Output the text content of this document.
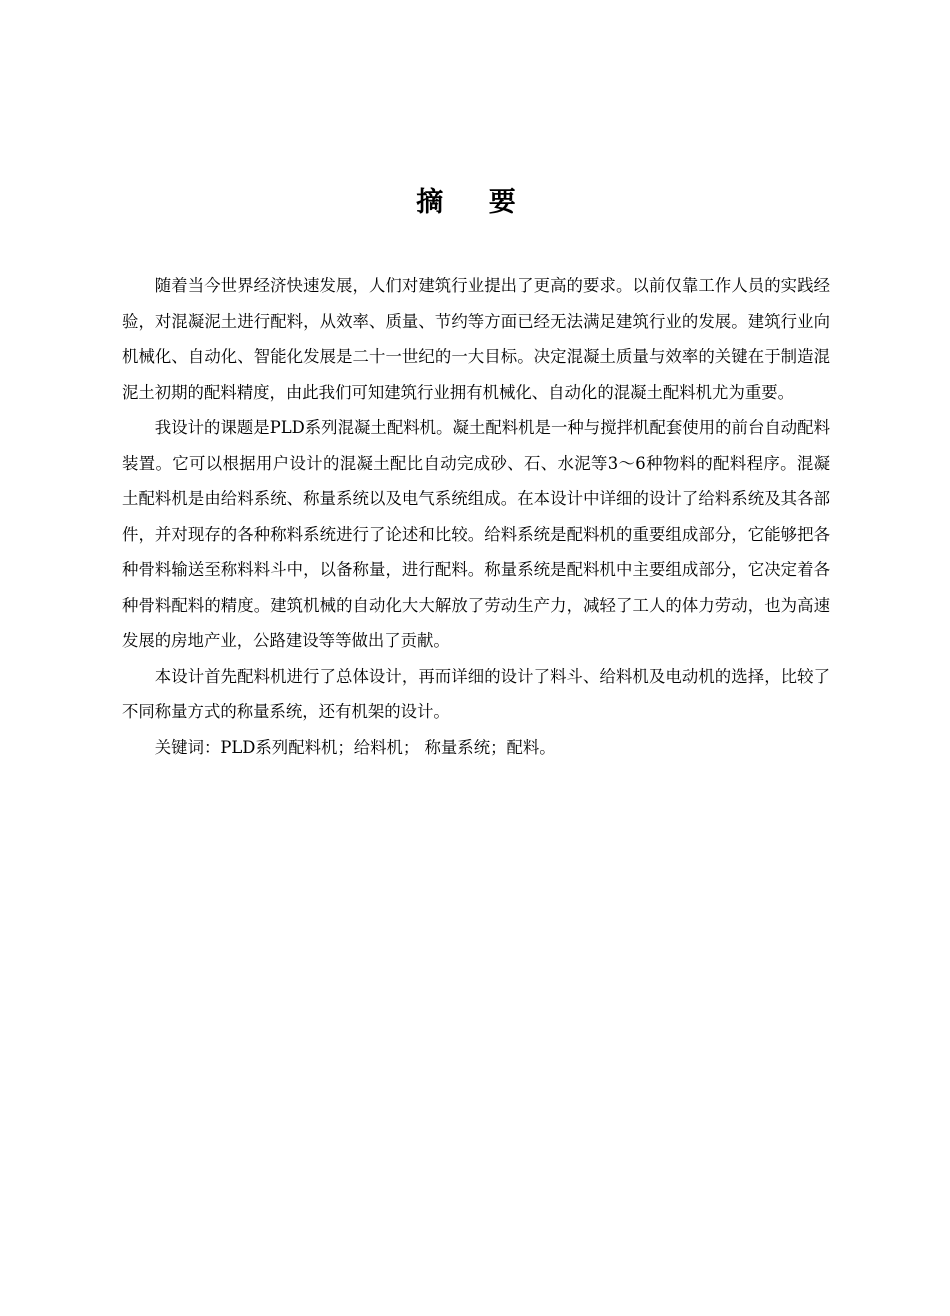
摘 要

随着当今世界经济快速发展，人们对建筑行业提出了更高的要求。以前仅靠工作人员的实践经验，对混凝泥土进行配料，从效率、质量、节约等方面已经无法满足建筑行业的发展。建筑行业向机械化、自动化、智能化发展是二十一世纪的一大目标。决定混凝土质量与效率的关键在于制造混泥土初期的配料精度，由此我们可知建筑行业拥有机械化、自动化的混凝土配料机尤为重要。

我设计的课题是PLD系列混凝土配料机。凝土配料机是一种与搅拌机配套使用的前台自动配料装置。它可以根据用户设计的混凝土配比自动完成砂、石、水泥等3～6种物料的配料程序。混凝土配料机是由给料系统、称量系统以及电气系统组成。在本设计中详细的设计了给料系统及其各部件，并对现存的各种称料系统进行了论述和比较。给料系统是配料机的重要组成部分，它能够把各种骨料输送至称料料斗中，以备称量，进行配料。称量系统是配料机中主要组成部分，它决定着各种骨料配料的精度。建筑机械的自动化大大解放了劳动生产力，减轻了工人的体力劳动，也为高速发展的房地产业，公路建设等等做出了贡献。

本设计首先配料机进行了总体设计，再而详细的设计了料斗、给料机及电动机的选择，比较了不同称量方式的称量系统，还有机架的设计。

关键词：PLD系列配料机；给料机； 称量系统；配料。
